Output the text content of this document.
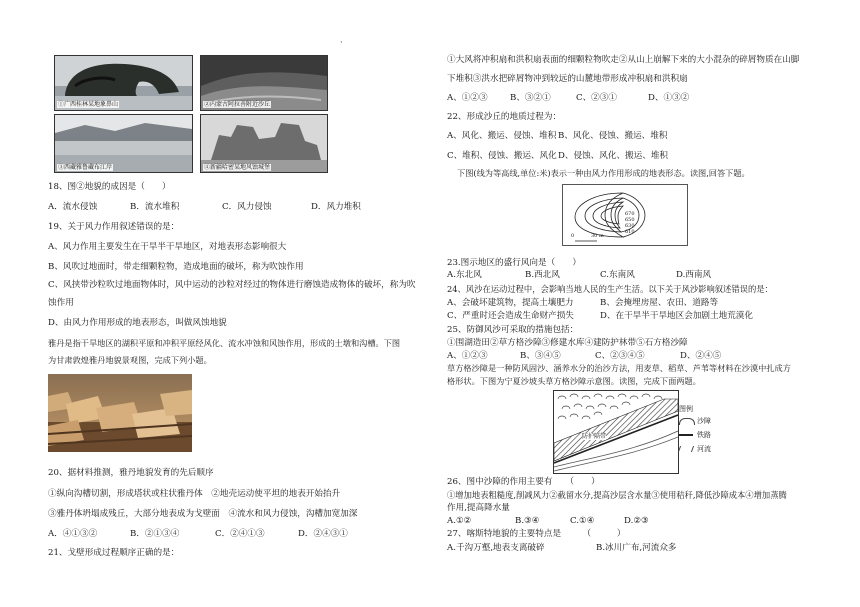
·
①广西桂林某地象鼻山	②内蒙古阿拉善附近沙丘
③西藏雅鲁藏布江岸	④新疆哈密某地风蚀城堡
18、图②地貌的成因是（　　）
A．流水侵蚀	B．流水堆积	C．风力侵蚀	D．风力堆积
19、关于风力作用叙述错误的是：
A、风力作用主要发生在干旱半干旱地区，对地表形态影响很大
B、风吹过地面时，带走细颗粒物，造成地面的破坏，称为吹蚀作用
C、风挟带沙粒吹过地面物体时，风中运动的沙粒对经过的物体进行磨蚀造成物体的破坏，称为吹
蚀作用
D、由风力作用形成的地表形态，叫做风蚀地貌
雅丹是指干旱地区的湖积平原和冲积平原经风化、流水冲蚀和风蚀作用，形成的土墩和沟槽。下图
为甘肃敦煌雅丹地貌景观图，完成下列小题。
20、据材料推测，雅丹地貌发育的先后顺序
①纵向沟槽切割，形成塔状或柱状雅丹体　②地壳运动使平坦的地表开始抬升
③雅丹体坍塌成残丘，大部分地表成为戈壁面　④流水和风力侵蚀，沟槽加宽加深
A．④①③②	B．②①③④	C．②④①③	D．②④③①
21、戈壁形成过程顺序正确的是：
①大风将冲积扇和洪积扇表面的细颗粒物吹走②从山上崩解下来的大小混杂的碎屑物质在山脚
下堆积③洪水把碎屑物冲到较远的山麓地带形成冲积扇和洪积扇
A、①②③	B、③②①	C、②③①	D、①③②
22、形成沙丘的地质过程为：
A、风化、搬运、侵蚀、堆积 B、风化、侵蚀、搬运、堆积
C、堆积、侵蚀、搬运、风化 D、侵蚀、风化、搬运、堆积
下图(线为等高线,单位:米)表示一种由风力作用形成的地表形态。读图,回答下题。
0	30 m
610
630
650
670
23.图示地区的盛行风向是（　　）
A.东北风	B.西北风	C.东南风	D.西南风
24、风沙在运动过程中，会影响当地人民的生产生活。以下关于风沙影响叙述错误的是：
A、会破坏建筑物，提高土壤肥力	B、会掩埋房屋、农田、道路等
C、严重时还会造成生命财产损失	D、在干旱半干旱地区会加剧土地荒漠化
25、防御风沙可采取的措施包括：
①围湖造田②草方格沙障③修建水库④建防护林带⑤石方格沙障
A、①②③	B、③④⑤	C、②③④⑤	D、②④⑤
草方格沙障是一种防风固沙、涵养水分的治沙方法，用麦草、稻草、芦苇等材料在沙漠中扎成方
格形状。下图为宁夏沙坡头草方格沙障示意图。读图，完成下面两题。
防护隔带
图例
沙障
铁路
河流
26、图中沙障的作用主要有　　（　　）
①增加地表粗糙度,削减风力②截留水分,提高沙层含水量③使用秸秆,降低沙障成本④增加蒸腾
作用,提高降水量
A.①②	B.③④	C.①④	D.②③
27、喀斯特地貌的主要特点是　　　（　　　）
A.千沟万壑,地表支离破碎	B.冰川广布,河流众多
